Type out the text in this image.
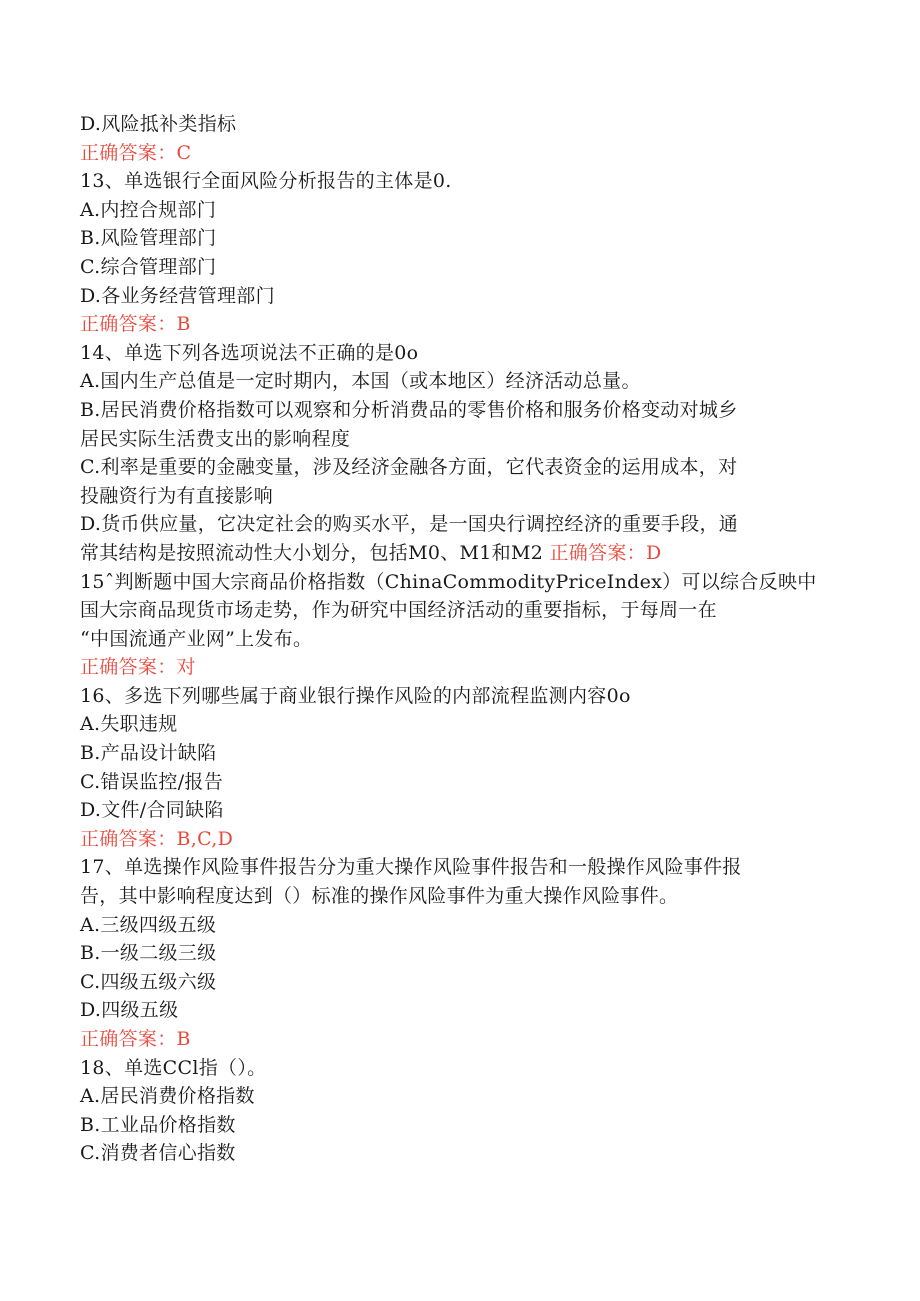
D.风险抵补类指标
正确答案：C
13、单选银行全面风险分析报告的主体是0.
A.内控合规部门
B.风险管理部门
C.综合管理部门
D.各业务经营管理部门
正确答案：B
14、单选下列各选项说法不正确的是0o
A.国内生产总值是一定时期内，本国（或本地区）经济活动总量。
B.居民消费价格指数可以观察和分析消费品的零售价格和服务价格变动对城乡
居民实际生活费支出的影响程度
C.利率是重要的金融变量，涉及经济金融各方面，它代表资金的运用成本，对
投融资行为有直接影响
D.货币供应量，它决定社会的购买水平，是一国央行调控经济的重要手段，通
常其结构是按照流动性大小划分，包括M0、M1和M2 正确答案：D
15ˆ判断题中国大宗商品价格指数（ChinaCommodityPriceIndex）可以综合反映中
国大宗商品现货市场走势，作为研究中国经济活动的重要指标，于每周一在
“中国流通产业网”上发布。
正确答案：对
16、多选下列哪些属于商业银行操作风险的内部流程监测内容0o
A.失职违规
B.产品设计缺陷
C.错误监控/报告
D.文件/合同缺陷
正确答案：B,C,D
17、单选操作风险事件报告分为重大操作风险事件报告和一般操作风险事件报
告，其中影响程度达到（）标准的操作风险事件为重大操作风险事件。
A.三级四级五级
B.一级二级三级
C.四级五级六级
D.四级五级
正确答案：B
18、单选CCl指（）。
A.居民消费价格指数
B.工业品价格指数
C.消费者信心指数
